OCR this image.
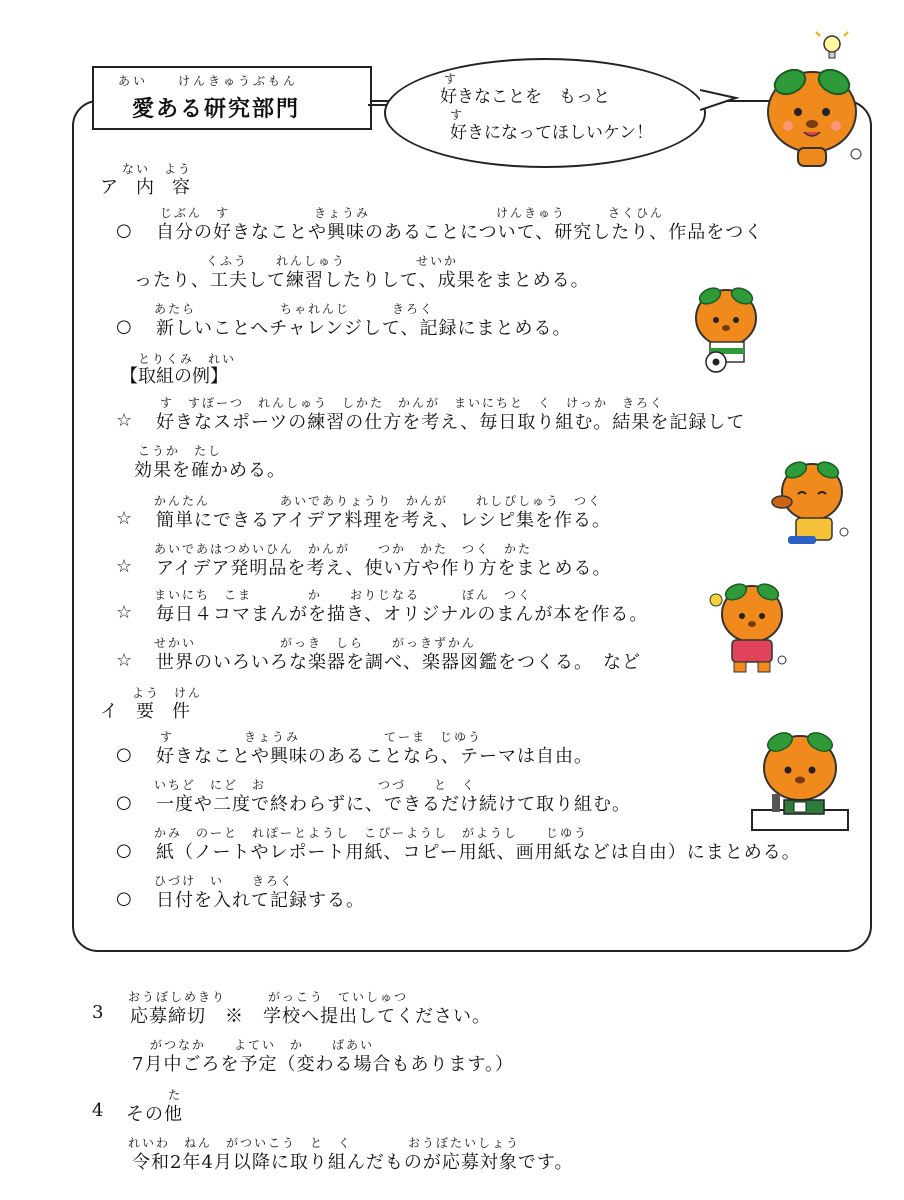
あい　　けんきゅうぶもん
愛ある研究部門
す
好きなことを　もっと
す
好きになってほしいケン！
ない　よう
ア　内　容
○
じぶん　す　　　　　　きょうみ　　　　　　　　　けんきゅう　　　さくひん
自分の好きなことや興味のあることについて、研究したり、作品をつく
くふう　　れんしゅう　　　　　せいか
ったり、工夫して練習したりして、成果をまとめる。
○
あたら　　　　　　ちゃれんじ　　　きろく
新しいことへチャレンジして、記録にまとめる。
とりくみ　れい
【取組の例】
☆
す　すぽーつ　れんしゅう　しかた　かんが　まいにちと　く　けっか　きろく
好きなスポーツの練習の仕方を考え、毎日取り組む。結果を記録して
こうか　たし
効果を確かめる。
☆
かんたん　　　　　あいでありょうり　かんが　　れしぴしゅう　つく
簡単にできるアイデア料理を考え、レシピ集を作る。
☆
あいであはつめいひん　かんが　　つか　かた　つく　かた
アイデア発明品を考え、使い方や作り方をまとめる。
☆
まいにち　こま　　　　か　　おりじなる　　　ぼん　つく
毎日４コマまんがを描き、オリジナルのまんが本を作る。
☆
せかい　　　　　　がっき　しら　　がっきずかん
世界のいろいろな楽器を調べ、楽器図鑑をつくる。　など
よう　けん
イ　要　件
○
す　　　　　きょうみ　　　　　　てーま　じゆう
好きなことや興味のあることなら、テーマは自由。
○
いちど　にど　お　　　　　　　　つづ　　と　く
一度や二度で終わらずに、できるだけ続けて取り組む。
○
かみ　のーと　れぽーとようし　こぴーようし　がようし　　じゆう
紙（ノートやレポート用紙、コピー用紙、画用紙などは自由）にまとめる。
○
ひづけ　い　　きろく
日付を入れて記録する。
おうぼしめきり　　　がっこう　ていしゅつ
3 応募締切　※　学校へ提出してください。
がつなか　　よてい　か　　ばあい
7月中ごろを予定（変わる場合もあります。）
た
4 その他
れいわ　ねん　がついこう　と　く　　　　おうぼたいしょう
令和2年4月以降に取り組んだものが応募対象です。
